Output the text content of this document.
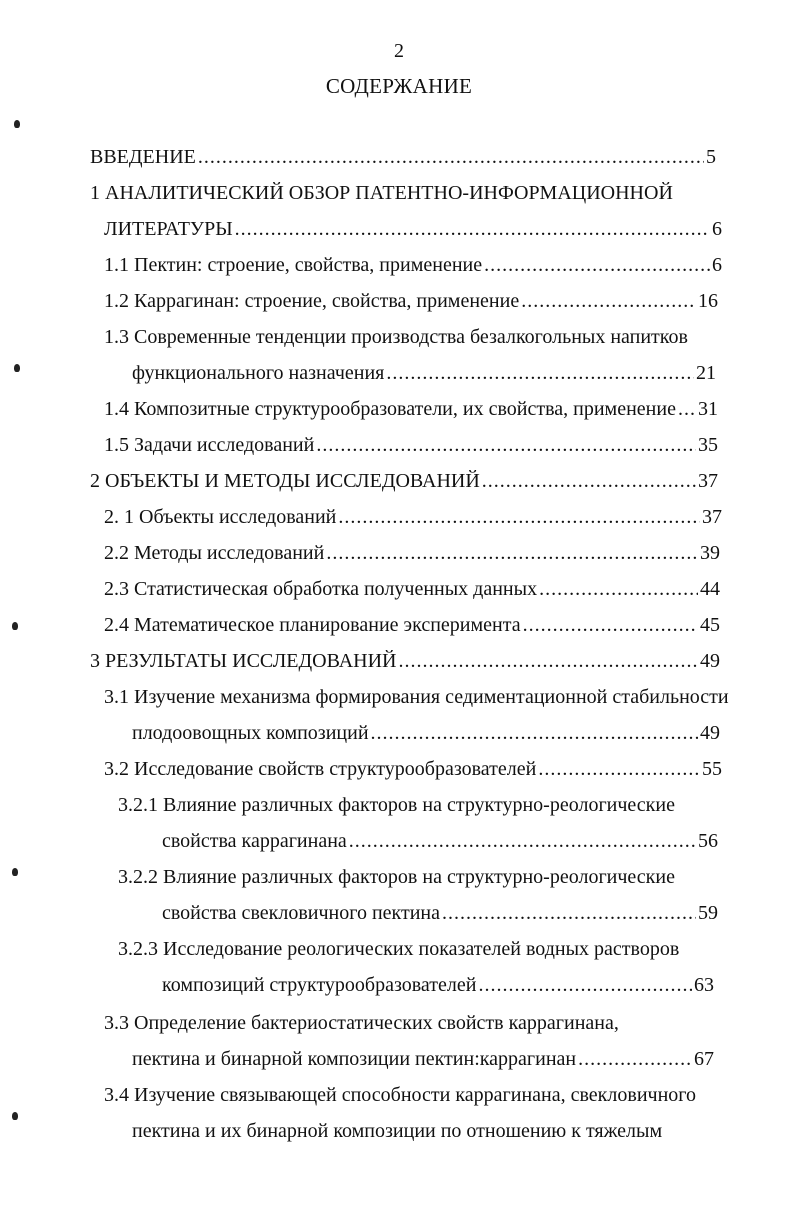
2
СОДЕРЖАНИЕ
ВВЕДЕНИЕ .....	5
1 АНАЛИТИЧЕСКИЙ ОБЗОР ПАТЕНТНО-ИНФОРМАЦИОННОЙ
ЛИТЕРАТУРЫ .....	6
1.1 Пектин: строение, свойства, применение .....	6
1.2 Каррагинан: строение, свойства, применение .....	16
1.3 Современные тенденции производства безалкогольных напитков
функционального назначения .....	21
1.4 Композитные структурообразователи, их свойства, применение ..... 31
1.5 Задачи исследований .....	35
2 ОБЪЕКТЫ И МЕТОДЫ ИССЛЕДОВАНИЙ .....	37
2. 1 Объекты исследований .....	37
2.2 Методы исследований .....	39
2.3 Статистическая обработка полученных данных .....	44
2.4 Математическое планирование эксперимента .....	45
3 РЕЗУЛЬТАТЫ ИССЛЕДОВАНИЙ .....	49
3.1 Изучение механизма формирования седиментационной стабильности
плодоовощных композиций .....	49
3.2 Исследование свойств структурообразователей .....	55
3.2.1 Влияние различных факторов на структурно-реологические
свойства каррагинана .....	56
3.2.2 Влияние различных факторов на структурно-реологические
свойства свекловичного пектина .....	59
3.2.3 Исследование реологических показателей водных растворов
композиций структурообразователей .....	63
3.3 Определение бактериостатических свойств каррагинана,
пектина и бинарной композиции пектин:каррагинан .....	67
3.4 Изучение связывающей способности каррагинана, свекловичного
пектина и их бинарной композиции по отношению к тяжелым
